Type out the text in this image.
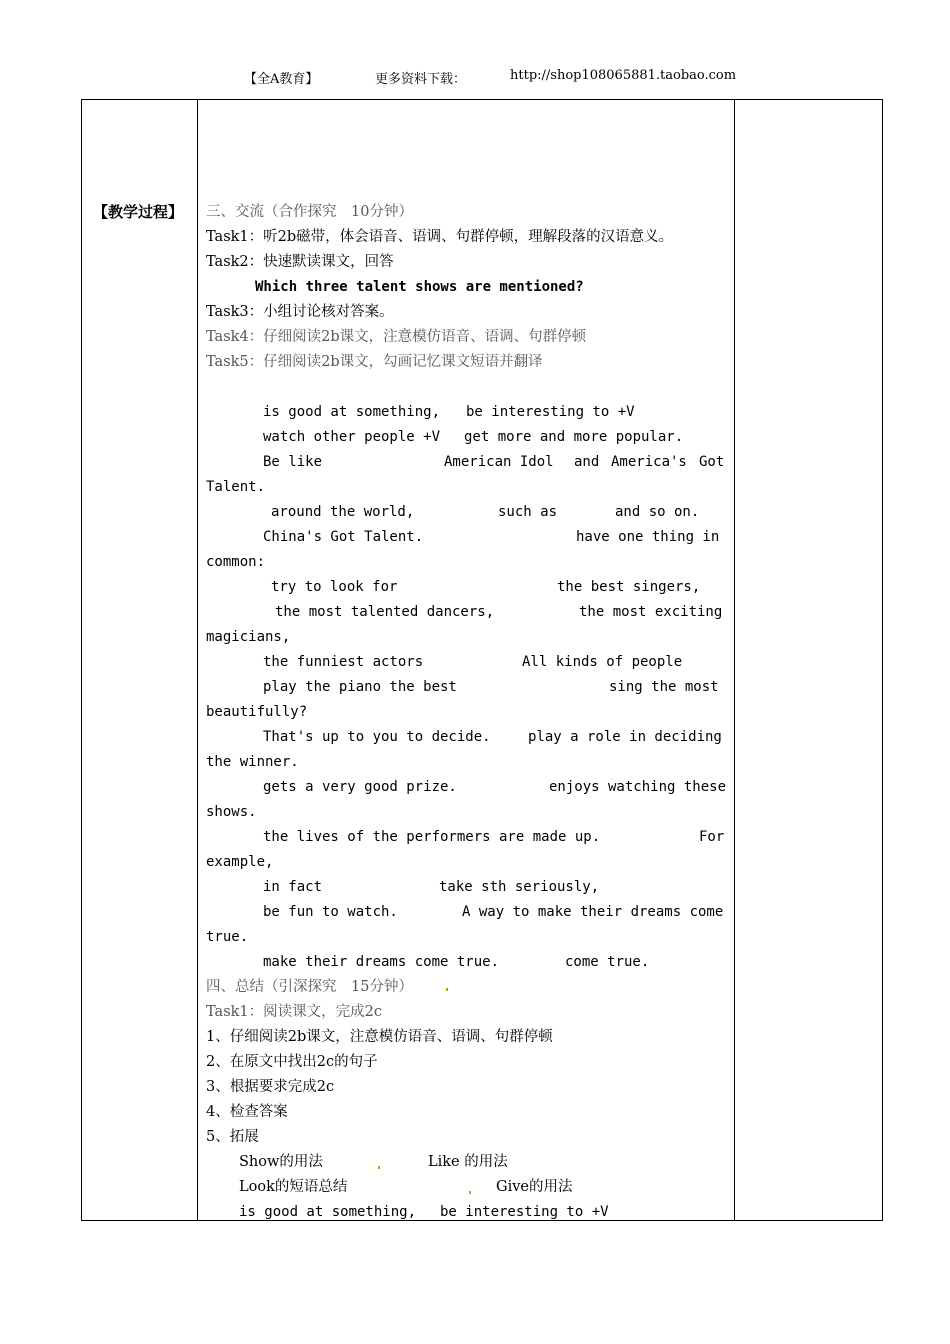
【全A教育】	更多资料下载：	http://shop108065881.taobao.com
【教学过程】 三、交流（合作探究　10分钟）
Task1：听2b磁带，体会语音、语调、句群停顿，理解段落的汉语意义。
Task2：快速默读课文，回答
Which three talent shows are mentioned?
Task3：小组讨论核对答案。
Task4：仔细阅读2b课文，注意模仿语音、语调、句群停顿
Task5：仔细阅读2b课文，勾画记忆课文短语并翻译
is good at something, be interesting to +V
watch other people +V get more and more popular.
Be like	American Idol and America's Got
Talent.
around the world,	such as	and so on.
China's Got Talent.	have one thing in
common:
try to look for	the best singers,
the most talented dancers,	the most exciting
magicians,
the funniest actors	All kinds of people
play the piano the best	sing the most
beautifully?
That's up to you to decide.	play a role in deciding
the winner.
gets a very good prize.	enjoys watching these
shows.
the lives of the performers are made up.	For
example,
in fact	take sth seriously,
be fun to watch.	A way to make their dreams come
true.
make their dreams come true.	come true.
四、总结（引深探究　15分钟）
Task1：阅读课文，完成2c
1、仔细阅读2b课文，注意模仿语音、语调、句群停顿
2、在原文中找出2c的句子
3、根据要求完成2c
4、检查答案
5、拓展
Show的用法	Like 的用法
Look的短语总结	Give的用法
is good at something, be interesting to +V
